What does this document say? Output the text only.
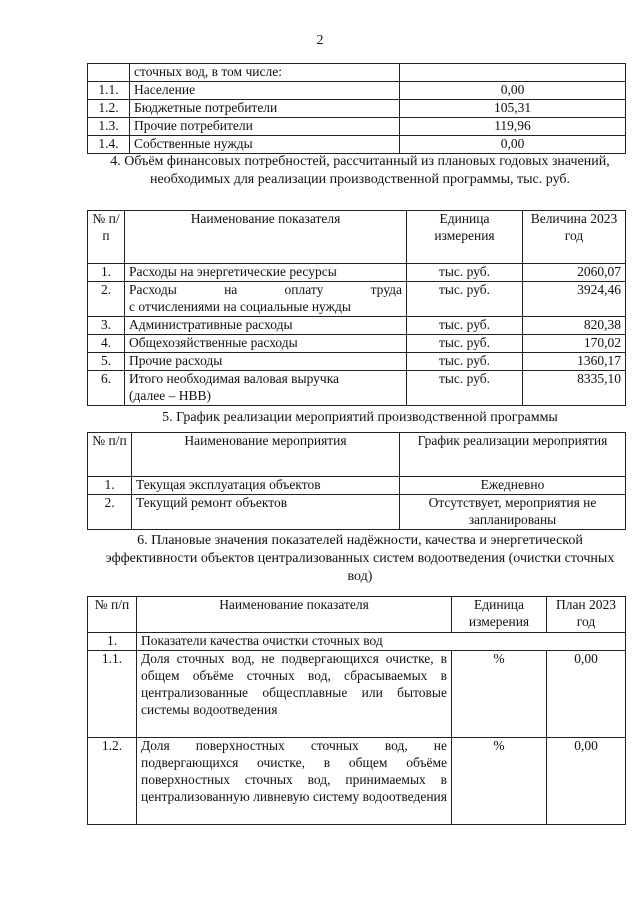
2
	сточных вод, в том числе:	
1.1.	Население	0,00
1.2.	Бюджетные потребители	105,31
1.3.	Прочие потребители	119,96
1.4.	Собственные нужды	0,00
4. Объём финансовых потребностей, рассчитанный из плановых годовых значений, необходимых для реализации производственной программы, тыс. руб.
№ п/п	Наименование показателя	Единица измерения	Величина 2023 год
1.	Расходы на энергетические ресурсы	тыс. руб.	2060,07
2.	Расходы на оплату труда
с отчислениями на социальные нужды	тыс. руб.	3924,46
3.	Административные расходы	тыс. руб.	820,38
4.	Общехозяйственные расходы	тыс. руб.	170,02
5.	Прочие расходы	тыс. руб.	1360,17
6.	Итого необходимая валовая выручка
(далее – НВВ)	тыс. руб.	8335,10
5. График реализации мероприятий производственной программы
№ п/п	Наименование мероприятия	График реализации мероприятия
1.	Текущая эксплуатация объектов	Ежедневно
2.	Текущий ремонт объектов	Отсутствует, мероприятия не запланированы
6. Плановые значения показателей надёжности, качества и энергетической эффективности объектов централизованных систем водоотведения (очистки сточных вод)
№ п/п	Наименование показателя	Единица измерения	План 2023 год
1.	Показатели качества очистки сточных вод		
1.1.	Доля сточных вод, не подвергающихся очистке, в общем объёме сточных вод, сбрасываемых в централизованные общесплавные или бытовые системы водоотведения	%	0,00
1.2.	Доля поверхностных сточных вод, не подвергающихся очистке, в общем объёме поверхностных сточных вод, принимаемых в централизованную ливневую систему водоотведения	%	0,00
